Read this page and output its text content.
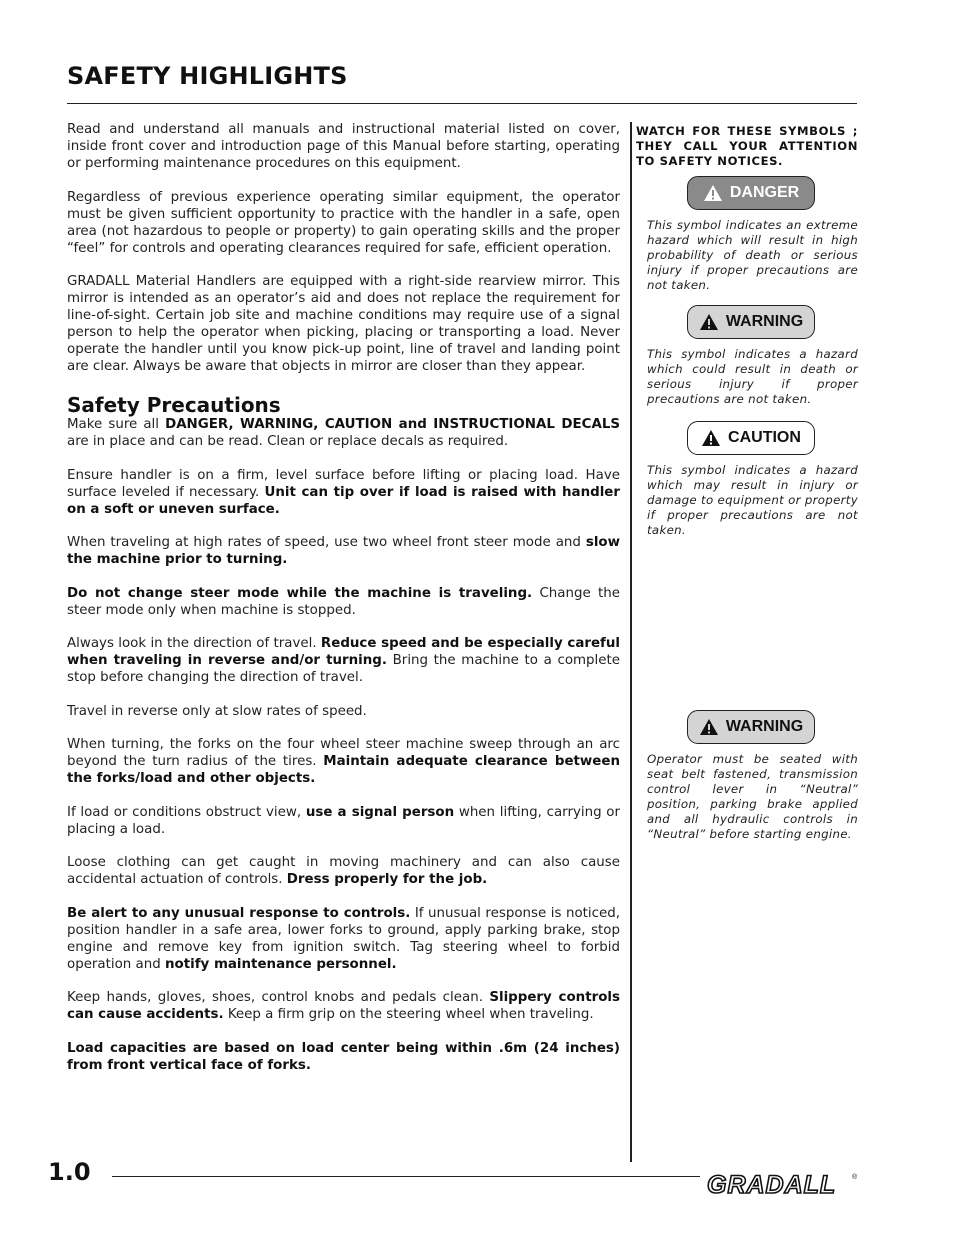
SAFETY HIGHLIGHTS

Read and understand all manuals and instructional material listed on cover, inside front cover and introduction page of this Manual before starting, operating or performing maintenance procedures on this equipment.

Regardless of previous experience operating similar equipment, the operator must be given sufficient opportunity to practice with the handler in a safe, open area (not hazardous to people or property) to gain operating skills and the proper “feel” for controls and operating clearances required for safe, efficient operation.

GRADALL Material Handlers are equipped with a right-side rearview mirror. This mirror is intended as an operator’s aid and does not replace the requirement for line-of-sight. Certain job site and machine conditions may require use of a signal person to help the operator when picking, placing or transporting a load. Never operate the handler until you know pick-up point, line of travel and landing point are clear. Always be aware that objects in mirror are closer than they appear.

Safety Precautions

Make sure all DANGER, WARNING, CAUTION and INSTRUCTIONAL DECALS are in place and can be read. Clean or replace decals as required.

Ensure handler is on a firm, level surface before lifting or placing load. Have surface leveled if necessary. Unit can tip over if load is raised with handler on a soft or uneven surface.

When traveling at high rates of speed, use two wheel front steer mode and slow the machine prior to turning.

Do not change steer mode while the machine is traveling. Change the steer mode only when machine is stopped.

Always look in the direction of travel. Reduce speed and be especially careful when traveling in reverse and/or turning. Bring the machine to a complete stop before changing the direction of travel.

Travel in reverse only at slow rates of speed.

When turning, the forks on the four wheel steer machine sweep through an arc beyond the turn radius of the tires. Maintain adequate clearance between the forks/load and other objects.

If load or conditions obstruct view, use a signal person when lifting, carrying or placing a load.

Loose clothing can get caught in moving machinery and can also cause accidental actuation of controls. Dress properly for the job.

Be alert to any unusual response to controls. If unusual response is noticed, position handler in a safe area, lower forks to ground, apply parking brake, stop engine and remove key from ignition switch. Tag steering wheel to forbid operation and notify maintenance personnel.

Keep hands, gloves, shoes, control knobs and pedals clean. Slippery controls can cause accidents. Keep a firm grip on the steering wheel when traveling.

Load capacities are based on load center being within .6m (24 inches) from front vertical face of forks.

WATCH FOR THESE SYMBOLS ; THEY CALL YOUR ATTENTION TO SAFETY NOTICES.

DANGER

This symbol indicates an extreme hazard which will result in high probability of death or serious injury if proper precautions are not taken.

WARNING

This symbol indicates a hazard which could result in death or serious injury if proper precautions are not taken.

CAUTION

This symbol indicates a hazard which may result in injury or damage to equipment or property if proper precautions are not taken.

WARNING

Operator must be seated with seat belt fastened, transmission control lever in “Neutral” position, parking brake applied and all hydraulic controls in “Neutral” before starting engine.

1.0	GRADALL ®
